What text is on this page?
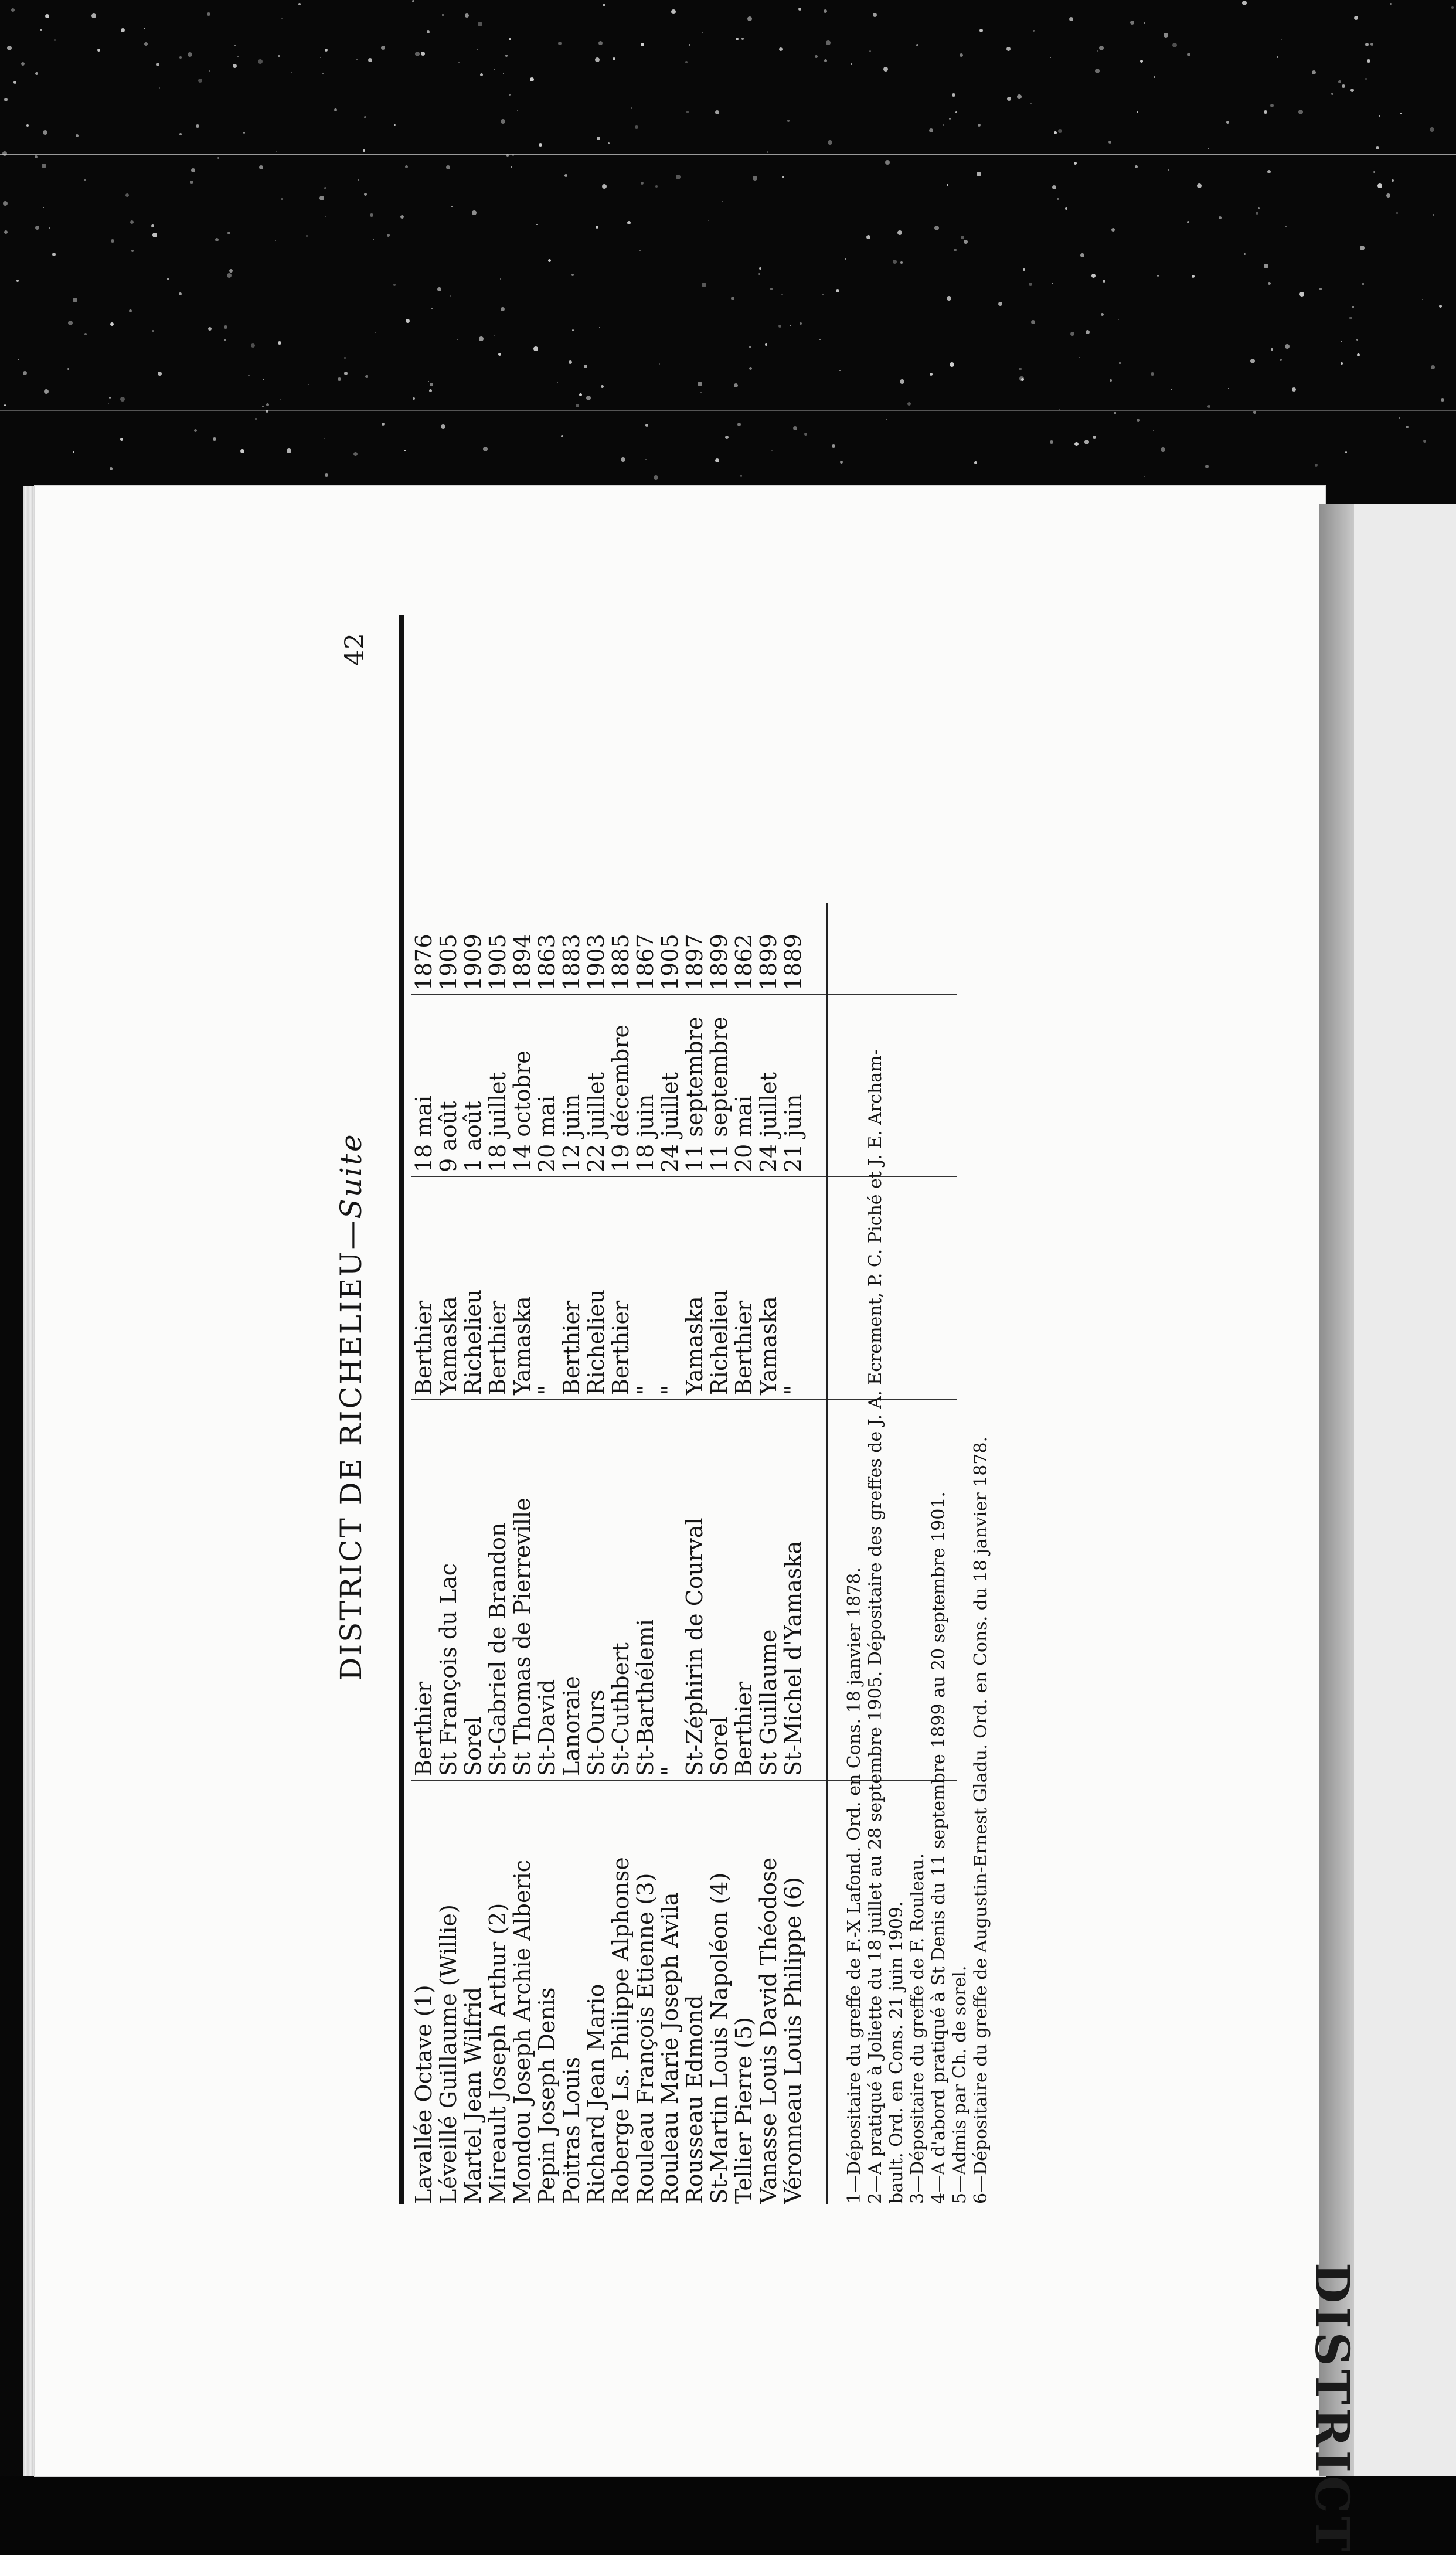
DISTRICT
DISTRICT DE RICHELIEU—Suite
42
Lavallée Octave (1)
Berthier
Berthier
18 mai
1876
Léveillé Guillaume (Willie)
St François du Lac
Yamaska
9 août
1905
Martel Jean Wilfrid
Sorel
Richelieu
1 août
1909
Mireault Joseph Arthur (2)
St-Gabriel de Brandon
Berthier
18 juillet
1905
Mondou Joseph Archie Alberic
St Thomas de Pierreville
Yamaska
14 octobre
1894
Pepin Joseph Denis
St-David
"
20 mai
1863
Poitras Louis
Lanoraie
Berthier
12 juin
1883
Richard Jean Mario
St-Ours
Richelieu
22 juillet
1903
Roberge Ls. Philippe Alphonse
St-Cuthbert
Berthier
19 décembre
1885
Rouleau François Etienne (3)
St-Barthélemi
"
18 juin
1867
Rouleau Marie Joseph Avila
"
"
24 juillet
1905
Rousseau Edmond
St-Zéphirin de Courval
Yamaska
11 septembre
1897
St-Martin Louis Napoléon (4)
Sorel
Richelieu
11 septembre
1899
Tellier Pierre (5)
Berthier
Berthier
20 mai
1862
Vanasse Louis David Théodose
St Guillaume
Yamaska
24 juillet
1899
Véronneau Louis Philippe (6)
St-Michel d'Yamaska
"
21 juin
1889

1—Dépositaire du greffe de F.-X Lafond. Ord. en Cons. 18 janvier 1878. 2—A pratiqué à Joliette du 18 juillet au 28 septembre 1905. Dépositaire des greffes de J. A. Ecrement, P. C. Piché et J. E. Archam- bault. Ord. en Cons. 21 juin 1909. 3—Dépositaire du greffe de F. Rouleau. 4—A d'abord pratiqué à St Denis du 11 septembre 1899 au 20 septembre 1901. 5—Admis par Ch. de sorel. 6—Dépositaire du greffe de Augustin-Ernest Gladu. Ord. en Cons. du 18 janvier 1878.
